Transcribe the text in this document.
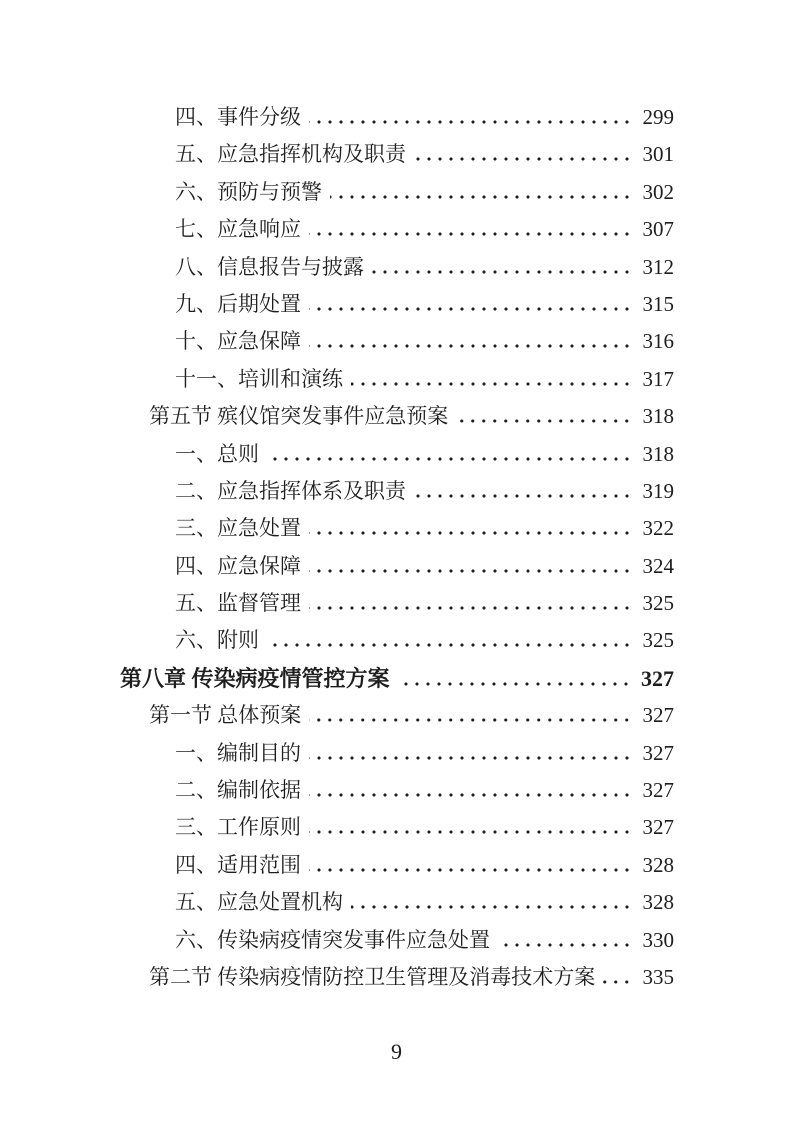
四、事件分级	299
五、应急指挥机构及职责	301
六、预防与预警	302
七、应急响应	307
八、信息报告与披露	312
九、后期处置	315
十、应急保障	316
十一、培训和演练	317
第五节 殡仪馆突发事件应急预案	318
一、总则	318
二、应急指挥体系及职责	319
三、应急处置	322
四、应急保障	324
五、监督管理	325
六、附则	325
第八章 传染病疫情管控方案	327
第一节 总体预案	327
一、编制目的	327
二、编制依据	327
三、工作原则	327
四、适用范围	328
五、应急处置机构	328
六、传染病疫情突发事件应急处置	330
第二节 传染病疫情防控卫生管理及消毒技术方案 335
9
